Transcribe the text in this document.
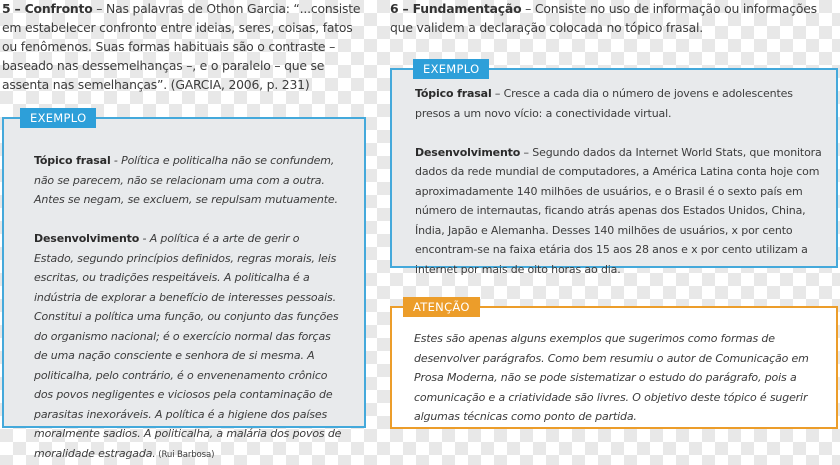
5 – Confronto – Nas palavras de Othon Garcia: “...consiste em estabelecer confronto entre ideias, seres, coisas, fatos ou fenômenos. Suas formas habituais são o contraste – baseado nas dessemelhanças –, e o paralelo – que se assenta nas semelhanças”. (GARCIA, 2006, p. 231)
6 – Fundamentação – Consiste no uso de informação ou informações que validem a declaração colocada no tópico frasal.
EXEMPLO

Tópico frasal - Política e politicalha não se confundem, não se parecem, não se relacionam uma com a outra. Antes se negam, se excluem, se repulsam mutuamente.

Desenvolvimento - A política é a arte de gerir o Estado, segundo princípios definidos, regras morais, leis escritas, ou tradições respeitáveis. A politicalha é a indústria de explorar a benefício de interesses pessoais. Constitui a política uma função, ou conjunto das funções do organismo nacional; é o exercício normal das forças de uma nação consciente e senhora de si mesma. A politicalha, pelo contrário, é o envenenamento crônico dos povos negligentes e viciosos pela contaminação de parasitas inexoráveis. A política é a higiene dos países moralmente sadios. A politicalha, a malária dos povos de moralidade estragada. (Rui Barbosa)

EXEMPLO

Tópico frasal – Cresce a cada dia o número de jovens e adolescentes presos a um novo vício: a conectividade virtual.

Desenvolvimento – Segundo dados da Internet World Stats, que monitora dados da rede mundial de computadores, a América Latina conta hoje com aproximadamente 140 milhões de usuários, e o Brasil é o sexto país em número de internautas, ficando atrás apenas dos Estados Unidos, China, Índia, Japão e Alemanha. Desses 140 milhões de usuários, x por cento encontram-se na faixa etária dos 15 aos 28 anos e x por cento utilizam a internet por mais de oito horas ao dia.

ATENÇÃO
Estes são apenas alguns exemplos que sugerimos como formas de desenvolver parágrafos. Como bem resumiu o autor de Comunicação em Prosa Moderna, não se pode sistematizar o estudo do parágrafo, pois a comunicação e a criatividade são livres. O objetivo deste tópico é sugerir algumas técnicas como ponto de partida.
